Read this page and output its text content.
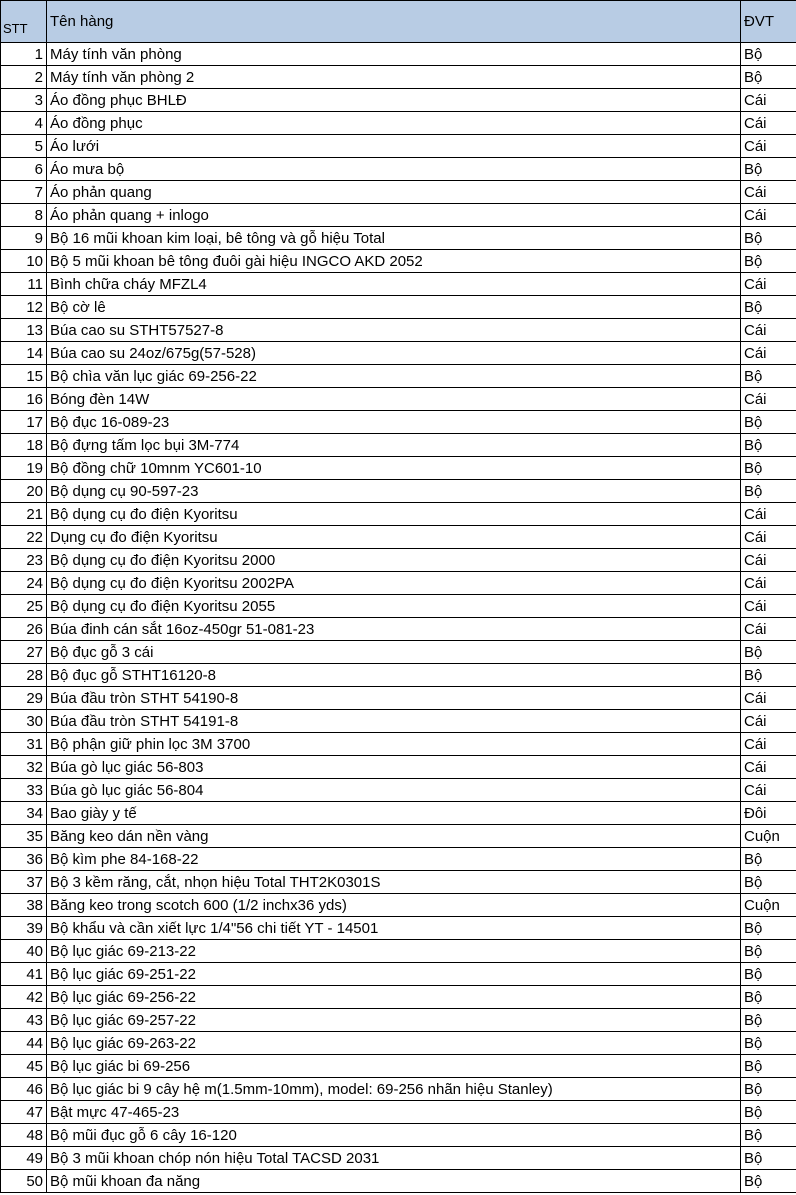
STT	Tên hàng	ĐVT
1	Máy tính văn phòng	Bộ
2	Máy tính văn phòng 2	Bộ
3	Áo đồng phục BHLĐ	Cái
4	Áo đồng phục	Cái
5	Áo lưới	Cái
6	Áo mưa bộ	Bộ
7	Áo phản quang	Cái
8	Áo phản quang + inlogo	Cái
9	Bộ 16 mũi khoan kim loại, bê tông và gỗ hiệu Total	Bộ
10	Bộ 5 mũi khoan bê tông đuôi gài hiệu INGCO AKD 2052	Bộ
11	Bình chữa cháy MFZL4	Cái
12	Bộ cờ lê	Bộ
13	Búa cao su STHT57527-8	Cái
14	Búa cao su 24oz/675g(57-528)	Cái
15	Bộ chìa văn lục giác 69-256-22	Bộ
16	Bóng đèn 14W	Cái
17	Bộ đục 16-089-23	Bộ
18	Bộ đựng tấm lọc bụi 3M-774	Bộ
19	Bộ đồng chữ 10mnm YC601-10	Bộ
20	Bộ dụng cụ 90-597-23	Bộ
21	Bộ dụng cụ đo điện Kyoritsu	Cái
22	Dụng cụ đo điện Kyoritsu	Cái
23	Bộ dụng cụ đo điện Kyoritsu 2000	Cái
24	Bộ dụng cụ đo điện Kyoritsu 2002PA	Cái
25	Bộ dụng cụ đo điện Kyoritsu 2055	Cái
26	Búa đinh cán sắt 16oz-450gr 51-081-23	Cái
27	Bộ đục gỗ 3 cái	Bộ
28	Bộ đục gỗ STHT16120-8	Bộ
29	Búa đầu tròn STHT 54190-8	Cái
30	Búa đầu tròn STHT 54191-8	Cái
31	Bộ phận giữ phin lọc 3M 3700	Cái
32	Búa gò lục giác 56-803	Cái
33	Búa gò lục giác 56-804	Cái
34	Bao giày y tế	Đôi
35	Băng keo dán nền vàng	Cuộn
36	Bộ kìm phe 84-168-22	Bộ
37	Bộ 3 kềm răng, cắt, nhọn hiệu Total THT2K0301S	Bộ
38	Băng keo trong scotch 600 (1/2 inchx36 yds)	Cuộn
39	Bộ khẩu và cần xiết lực 1/4"56 chi tiết YT - 14501	Bộ
40	Bộ lục giác 69-213-22	Bộ
41	Bộ lục giác 69-251-22	Bộ
42	Bộ lục giác 69-256-22	Bộ
43	Bộ lục giác 69-257-22	Bộ
44	Bộ lục giác 69-263-22	Bộ
45	Bộ lục giác bi 69-256	Bộ
46	Bộ lục giác bi 9 cây hệ m(1.5mm-10mm), model: 69-256 nhãn hiệu Stanley)	Bộ
47	Bật mực 47-465-23	Bộ
48	Bộ mũi đục gỗ 6 cây 16-120	Bộ
49	Bộ 3 mũi khoan chóp nón hiệu Total TACSD 2031	Bộ
50	Bộ mũi khoan đa năng	Bộ
